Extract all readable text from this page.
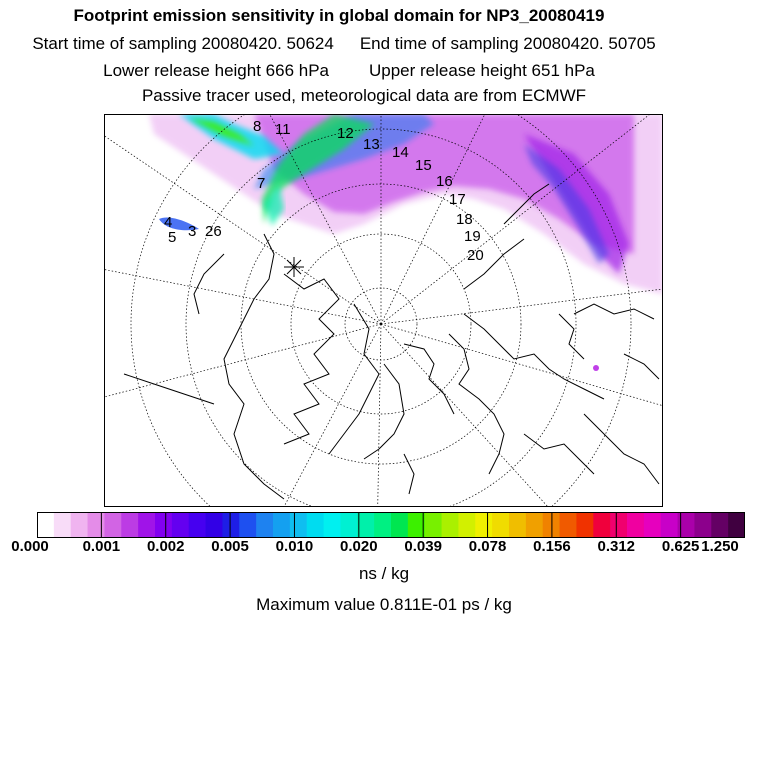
Footprint emission sensitivity in global domain for NP3_20080419
Start time of sampling 20080420. 50624 End time of sampling 20080420. 50705
Lower release height 666 hPa Upper release height 651 hPa
Passive tracer used, meteorological data are from ECMWF
8 11	12
13 14
15
16
17
18
19
20
7
4
5 3 26
0.000 0.001 0.002 0.005 0.010 0.020 0.039 0.078 0.156 0.312 0.625 1.250
ns / kg
Maximum value 0.811E-01 ps / kg
